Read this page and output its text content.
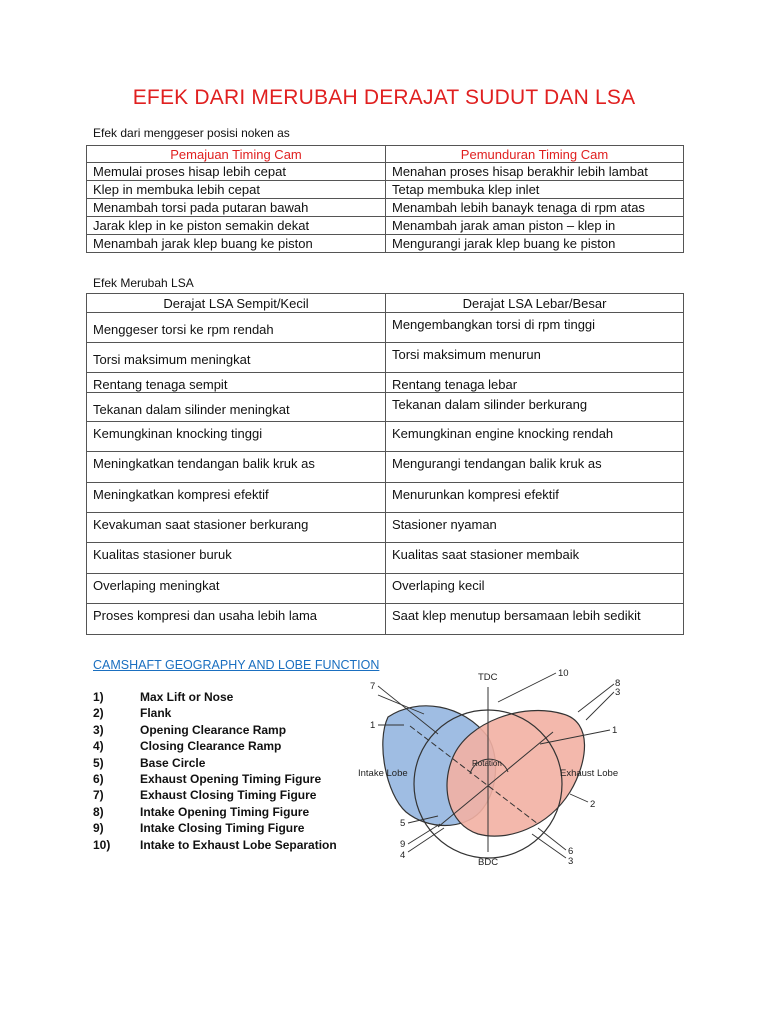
EFEK DARI MERUBAH DERAJAT SUDUT DAN LSA
Efek dari menggeser posisi noken as
Pemajuan Timing Cam	Pemunduran Timing Cam
Memulai proses hisap lebih cepat	Menahan proses hisap berakhir lebih lambat
Klep in membuka lebih cepat	Tetap membuka klep inlet
Menambah torsi pada putaran bawah	Menambah lebih banayk tenaga di rpm atas
Jarak klep in ke piston semakin dekat	Menambah jarak aman piston – klep in
Menambah jarak klep buang ke piston	Mengurangi jarak klep buang ke piston
Efek Merubah LSA
Derajat LSA Sempit/Kecil	Derajat LSA Lebar/Besar
Menggeser torsi ke rpm rendah	Mengembangkan torsi di rpm tinggi
Torsi maksimum meningkat	Torsi maksimum menurun
Rentang tenaga sempit	Rentang tenaga lebar
Tekanan dalam silinder meningkat	Tekanan dalam silinder berkurang
Kemungkinan knocking tinggi	Kemungkinan engine knocking rendah
Meningkatkan tendangan balik kruk as	Mengurangi tendangan balik kruk as
Meningkatkan kompresi efektif	Menurunkan kompresi efektif
Kevakuman saat stasioner berkurang	Stasioner nyaman
Kualitas stasioner buruk	Kualitas saat stasioner membaik
Overlaping meningkat	Overlaping kecil
Proses kompresi dan usaha lebih lama	Saat klep menutup bersamaan lebih sedikit
CAMSHAFT GEOGRAPHY AND LOBE FUNCTION
1)	Max Lift or Nose
2)	Flank
3)	Opening Clearance Ramp
4)	Closing Clearance Ramp
5)	Base Circle
6)	Exhaust Opening Timing Figure
7)	Exhaust Closing Timing Figure
8)	Intake Opening Timing Figure
9)	Intake Closing Timing Figure
10)	Intake to Exhaust Lobe Separation
TDC
BDC
Intake Lobe	Exhaust Lobe
Rotation
10
7	8
3
1	1
2
5
9
4	6
3
